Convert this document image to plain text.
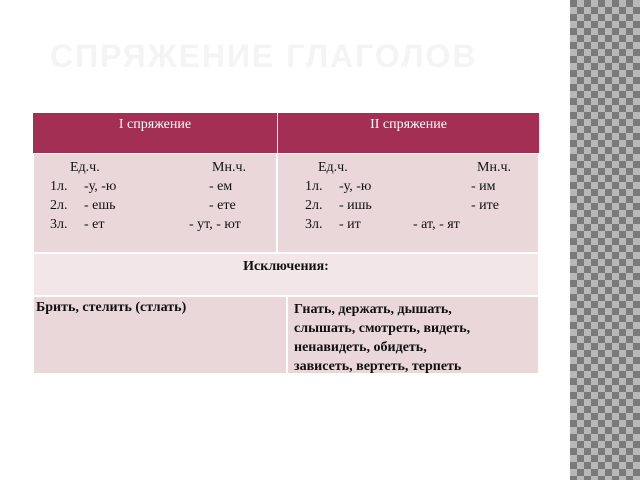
СПРЯЖЕНИЕ ГЛАГОЛОВ
I спряжение	II спряжение
Ед.ч.	Мн.ч.
1л. -у, -ю	- ем
2л. - ешь	- ете
3л. - ет	- ут, - ют
Ед.ч.	Мн.ч.
1л. -у, -ю	- им
2л. - ишь	- ите
3л. - ит	- ат, - ят
Исключения:
Брить, стелить (стлать)	Гнать, держать, дышать,
слышать, смотреть, видеть,
ненавидеть, обидеть,
зависеть, вертеть, терпеть
